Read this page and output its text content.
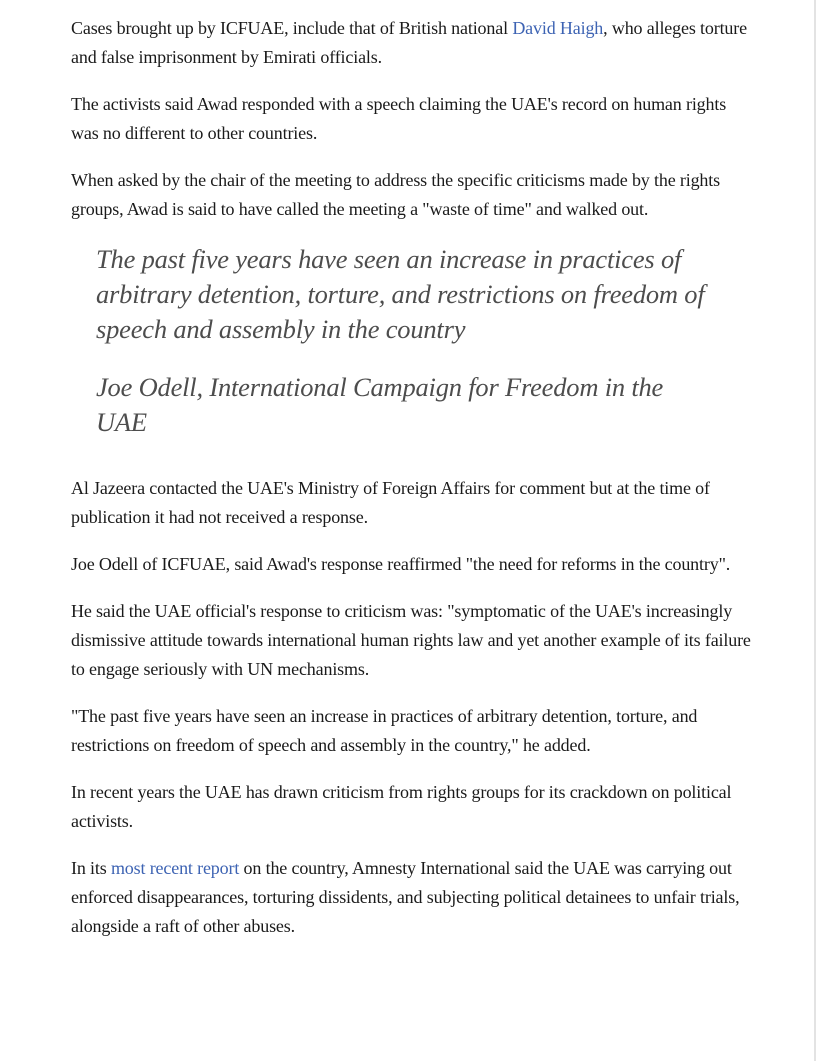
Cases brought up by ICFUAE, include that of British national David Haigh, who alleges torture and false imprisonment by Emirati officials.

The activists said Awad responded with a speech claiming the UAE's record on human rights was no different to other countries.

When asked by the chair of the meeting to address the specific criticisms made by the rights groups, Awad is said to have called the meeting a "waste of time" and walked out.

The past five years have seen an increase in practices of arbitrary detention, torture, and restrictions on freedom of speech and assembly in the country

Joe Odell, International Campaign for Freedom in the UAE

Al Jazeera contacted the UAE's Ministry of Foreign Affairs for comment but at the time of publication it had not received a response.

Joe Odell of ICFUAE, said Awad's response reaffirmed "the need for reforms in the country".

He said the UAE official's response to criticism was: "symptomatic of the UAE's increasingly dismissive attitude towards international human rights law and yet another example of its failure to engage seriously with UN mechanisms.

"The past five years have seen an increase in practices of arbitrary detention, torture, and restrictions on freedom of speech and assembly in the country," he added.

In recent years the UAE has drawn criticism from rights groups for its crackdown on political activists.

In its most recent report on the country, Amnesty International said the UAE was carrying out enforced disappearances, torturing dissidents, and subjecting political detainees to unfair trials, alongside a raft of other abuses.
